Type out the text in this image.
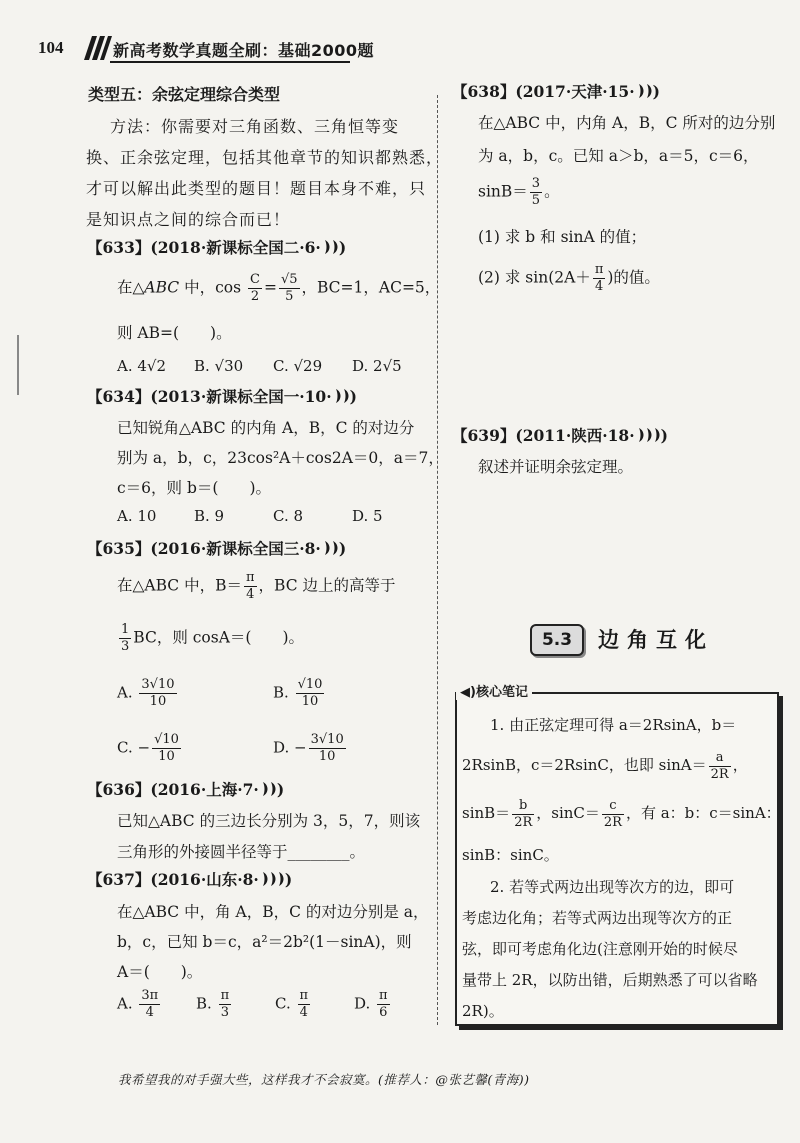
104	新高考数学真题全刷：基础2000题
类型五：余弦定理综合类型
方法：你需要对三角函数、三角恒等变
换、正余弦定理，包括其他章节的知识都熟悉，
才可以解出此类型的题目！题目本身不难，只
是知识点之间的综合而已！
【633】(2018·新课标全国二·6· )
在△ABC 中，$\cos \frac{C}{2} = \frac{√5}{5}$ ，BC=1，AC=5，
则 AB=(　　)。
A. 4√2 B. √30 C. √29 D. 2√5
【634】(2013·新课标全国一·10· )
已知锐角△ABC 的内角 A，B，C 的对边分
别为 a，b，c，23cos²A＋cos2A＝0，a＝7，
c＝6，则 b＝(　　)。
A. 10	B. 9	C. 8	D. 5
【635】(2016·新课标全国三·8· )
在△ABC 中，$B= \frac{\pi}{4}$ ，BC 边上的高等于
$\frac{1}{3}$ BC，则 cosA＝(　　)。
A. $\frac{3√10}{10}$	B. $\frac{√10}{10}$
C. − $\frac{√10}{10}$	D. − $\frac{3√10}{10}$
【636】(2016·上海·7· )
已知△ABC 的三边长分别为 3，5，7，则该
三角形的外接圆半径等于________。
【637】(2016·山东·8· )
在△ABC 中，角 A，B，C 的对边分别是 a，
b，c，已知 b＝c，a²＝2b²(1－sinA)，则
A＝(　　)。
A. $\frac{3\pi}{4} B$. $\frac{\pi}{3}$	C. $\frac{\pi}{4}$	D. $\frac{\pi}{6}$
【638】(2017·天津·15· )
在△ABC 中，内角 A，B，C 所对的边分别
为 a，b，c。已知 a＞b，a＝5，c＝6，
$\sin B= \frac{3}{5}$ 。
(1) 求 b 和 sinA 的值；
(2) 求 $\sin(2A+ \frac{\pi}{4}$ )的值。
【639】(2011·陕西·18· )
叙述并证明余弦定理。
5.3	边角互化
◀)核心笔记
1. 由正弦定理可得 a＝2RsinA，b＝
2RsinB，c＝2RsinC，也即 $\sin A= \frac{a}{2R}$ ，
$\sin B= \frac{b}{2R}$ ，$\sin C= \frac{c}{2R}$ ，有 a：b：c＝sinA：
sinB：sinC。
2. 若等式两边出现等次方的边，即可
考虑边化角；若等式两边出现等次方的正
弦，即可考虑角化边(注意刚开始的时候尽
量带上 2R，以防出错，后期熟悉了可以省略
2R)。
我希望我的对手强大些，这样我才不会寂寞。(推荐人：@张艺馨(青海))
